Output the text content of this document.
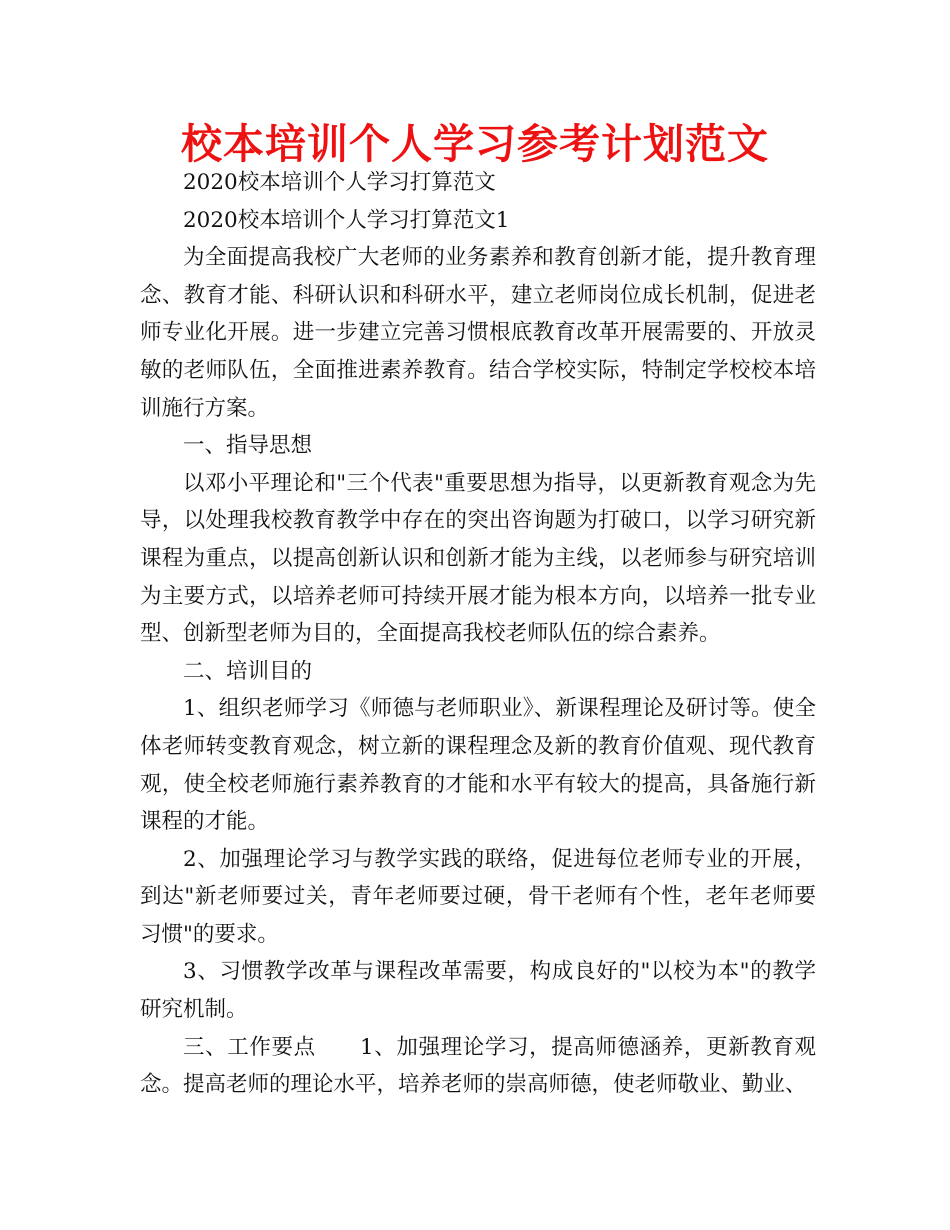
校本培训个人学习参考计划范文

2020校本培训个人学习打算范文

2020校本培训个人学习打算范文1

为全面提高我校广大老师的业务素养和教育创新才能，提升教育理念、教育才能、科研认识和科研水平，建立老师岗位成长机制，促进老师专业化开展。进一步建立完善习惯根底教育改革开展需要的、开放灵敏的老师队伍，全面推进素养教育。结合学校实际，特制定学校校本培训施行方案。

一、指导思想

以邓小平理论和"三个代表"重要思想为指导，以更新教育观念为先导，以处理我校教育教学中存在的突出咨询题为打破口，以学习研究新课程为重点，以提高创新认识和创新才能为主线，以老师参与研究培训为主要方式，以培养老师可持续开展才能为根本方向，以培养一批专业型、创新型老师为目的，全面提高我校老师队伍的综合素养。

二、培训目的

1、组织老师学习《师德与老师职业》、新课程理论及研讨等。使全体老师转变教育观念，树立新的课程理念及新的教育价值观、现代教育观，使全校老师施行素养教育的才能和水平有较大的提高，具备施行新课程的才能。

2、加强理论学习与教学实践的联络，促进每位老师专业的开展，到达"新老师要过关，青年老师要过硬，骨干老师有个性，老年老师要习惯"的要求。

3、习惯教学改革与课程改革需要，构成良好的"以校为本"的教学研究机制。

三、工作要点　　1、加强理论学习，提高师德涵养，更新教育观念。提高老师的理论水平，培养老师的崇高师德，使老师敬业、勤业、
